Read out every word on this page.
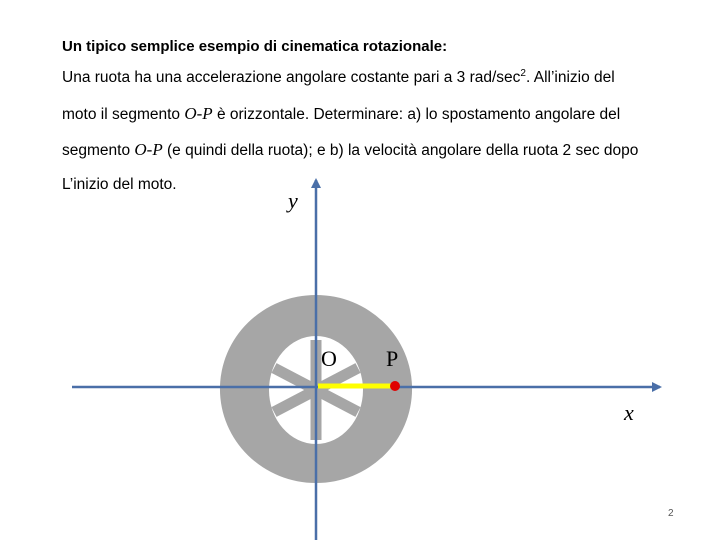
Un tipico semplice esempio di cinematica rotazionale:
Una ruota ha una accelerazione angolare costante pari a 3 rad/$\sec^2$. All’inizio del
moto il segmento O-P è orizzontale. Determinare: a) lo spostamento angolare del
segmento O-P (e quindi della ruota); e b) la velocità angolare della ruota 2 sec dopo
L’inizio del moto.
y
x
O P
2
